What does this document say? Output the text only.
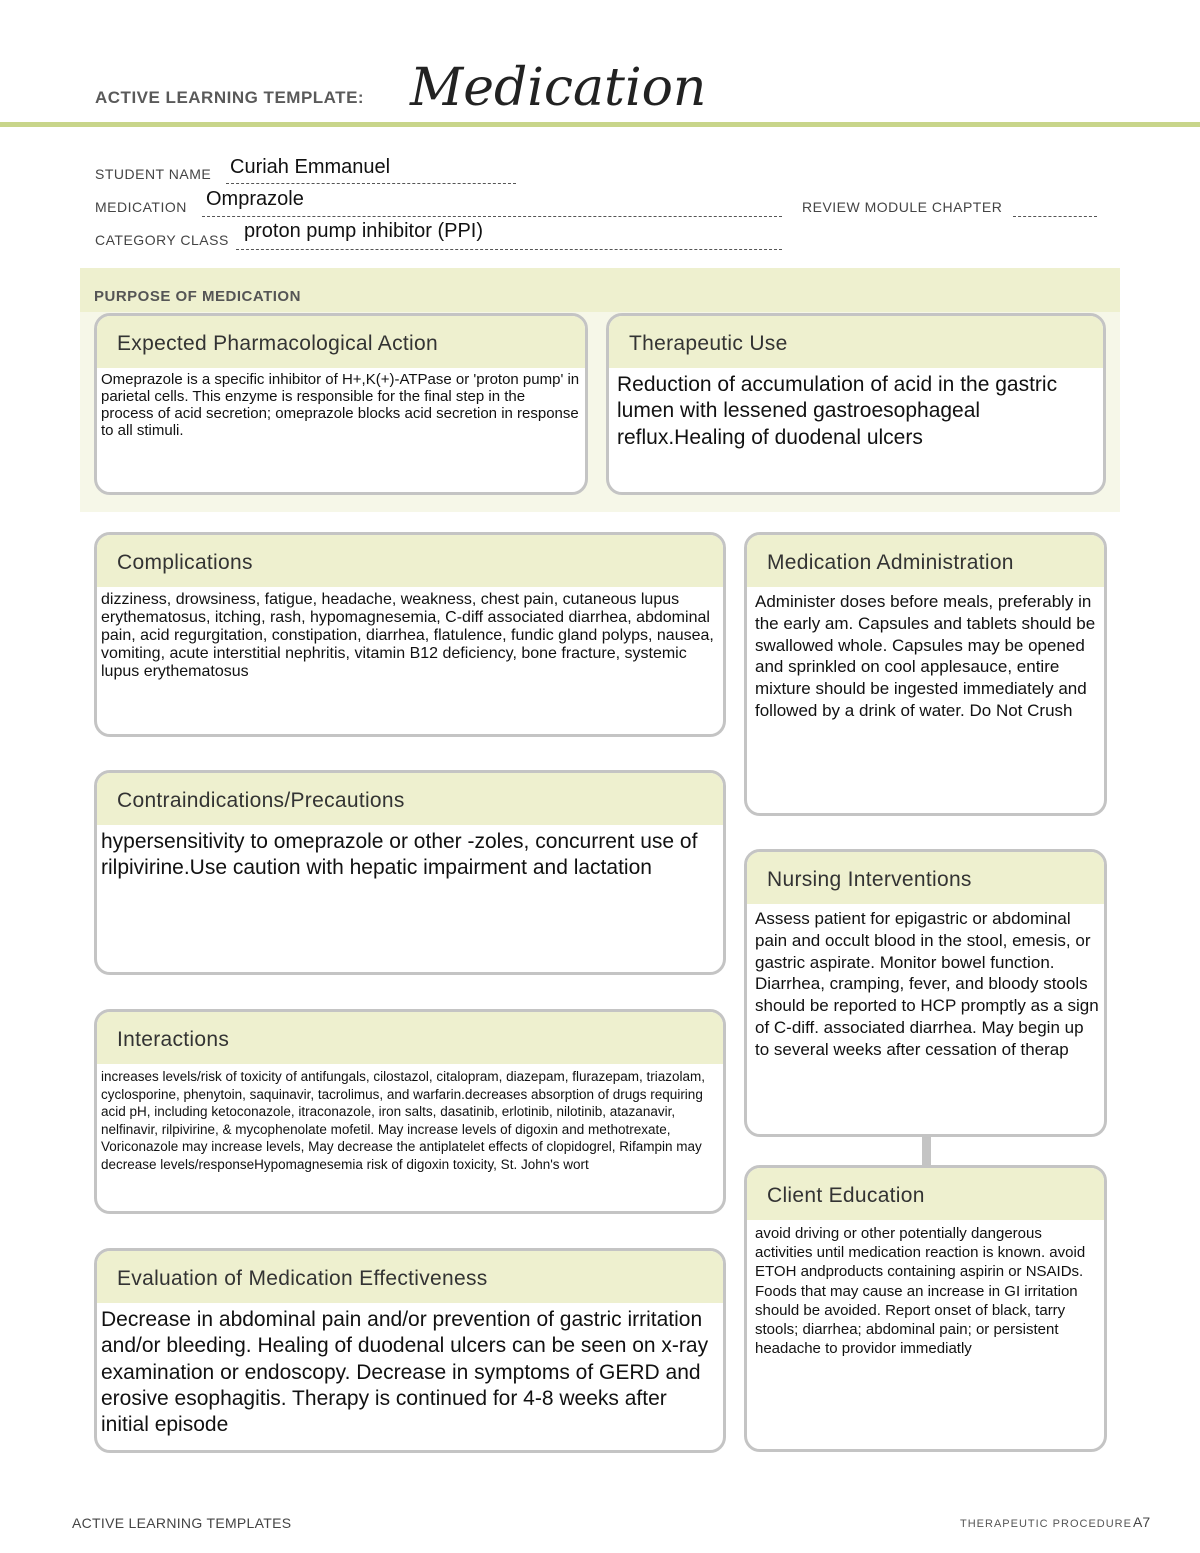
ACTIVE LEARNING TEMPLATE: Medication
STUDENT NAME Curiah Emmanuel
MEDICATION Omprazole	REVIEW MODULE CHAPTER
CATEGORY CLASS proton pump inhibitor (PPI)
PURPOSE OF MEDICATION
Expected Pharmacological Action
Omeprazole is a specific inhibitor of H+,K(+)-ATPase or 'proton pump' in parietal cells. This enzyme is responsible for the final step in the process of acid secretion; omeprazole blocks acid secretion in response to all stimuli.
Therapeutic Use
Reduction of accumulation of acid in the gastric lumen with lessened gastroesophageal reflux.Healing of duodenal ulcers
Complications
dizziness, drowsiness, fatigue, headache, weakness, chest pain, cutaneous lupus erythematosus, itching, rash, hypomagnesemia, C-diff associated diarrhea, abdominal pain, acid regurgitation, constipation, diarrhea, flatulence, fundic gland polyps, nausea, vomiting, acute interstitial nephritis, vitamin B12 deficiency, bone fracture, systemic lupus erythematosus
Medication Administration
Administer doses before meals, preferably in the early am. Capsules and tablets should be swallowed whole. Capsules may be opened and sprinkled on cool applesauce, entire mixture should be ingested immediately and followed by a drink of water. Do Not Crush
Contraindications/Precautions
hypersensitivity to omeprazole or other -zoles, concurrent use of rilpivirine.Use caution with hepatic impairment and lactation
Nursing Interventions
Assess patient for epigastric or abdominal pain and occult blood in the stool, emesis, or gastric aspirate. Monitor bowel function. Diarrhea, cramping, fever, and bloody stools should be reported to HCP promptly as a sign of C-diff. associated diarrhea. May begin up to several weeks after cessation of therap
Interactions
increases levels/risk of toxicity of antifungals, cilostazol, citalopram, diazepam, flurazepam, triazolam, cyclosporine, phenytoin, saquinavir, tacrolimus, and warfarin.decreases absorption of drugs requiring acid pH, including ketoconazole, itraconazole, iron salts, dasatinib, erlotinib, nilotinib, atazanavir, nelfinavir, rilpivirine, & mycophenolate mofetil. May increase levels of digoxin and methotrexate, Voriconazole may increase levels, May decrease the antiplatelet effects of clopidogrel, Rifampin may decrease levels/responseHypomagnesemia risk of digoxin toxicity, St. John's wort
Client Education
avoid driving or other potentially dangerous activities until medication reaction is known. avoid ETOH andproducts containing aspirin or NSAIDs. Foods that may cause an increase in GI irritation should be avoided. Report onset of black, tarry stools; diarrhea; abdominal pain; or persistent headache to providor immediatly
Evaluation of Medication Effectiveness
Decrease in abdominal pain and/or prevention of gastric irritation and/or bleeding. Healing of duodenal ulcers can be seen on x-ray examination or endoscopy. Decrease in symptoms of GERD and erosive esophagitis. Therapy is continued for 4-8 weeks after initial episode
ACTIVE LEARNING TEMPLATES	THERAPEUTIC PROCEDURE A7
